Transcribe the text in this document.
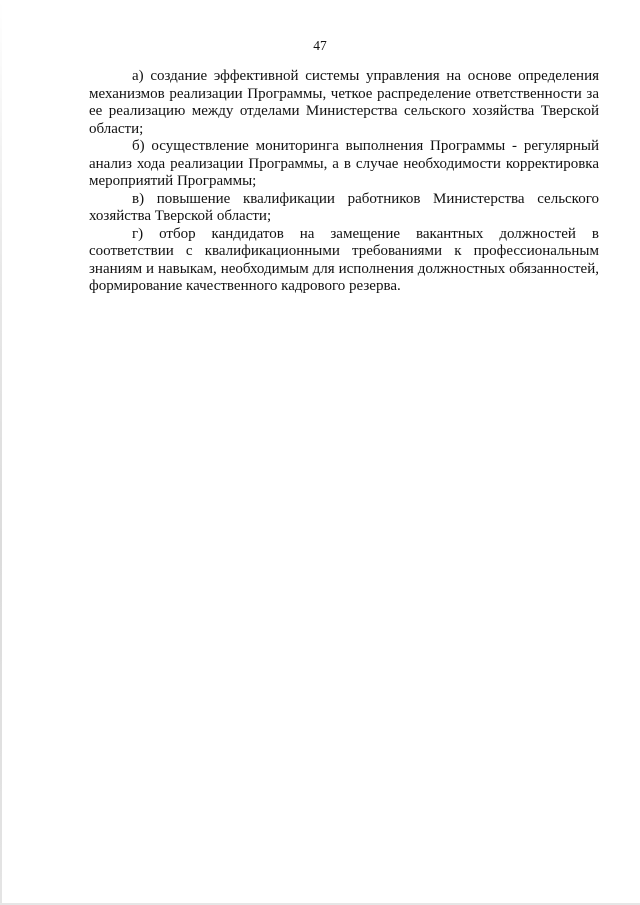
47

а) создание эффективной системы управления на основе определения механизмов реализации Программы, четкое распределение ответственности за ее реализацию между отделами Министерства сельского хозяйства Тверской области;

б) осуществление мониторинга выполнения Программы - регулярный анализ хода реализации Программы, а в случае необходимости корректировка мероприятий Программы;

в) повышение квалификации работников Министерства сельского хозяйства Тверской области;

г) отбор кандидатов на замещение вакантных должностей в соответствии с квалификационными требованиями к профессиональным знаниям и навыкам, необходимым для исполнения должностных обязанностей, формирование качественного кадрового резерва.
